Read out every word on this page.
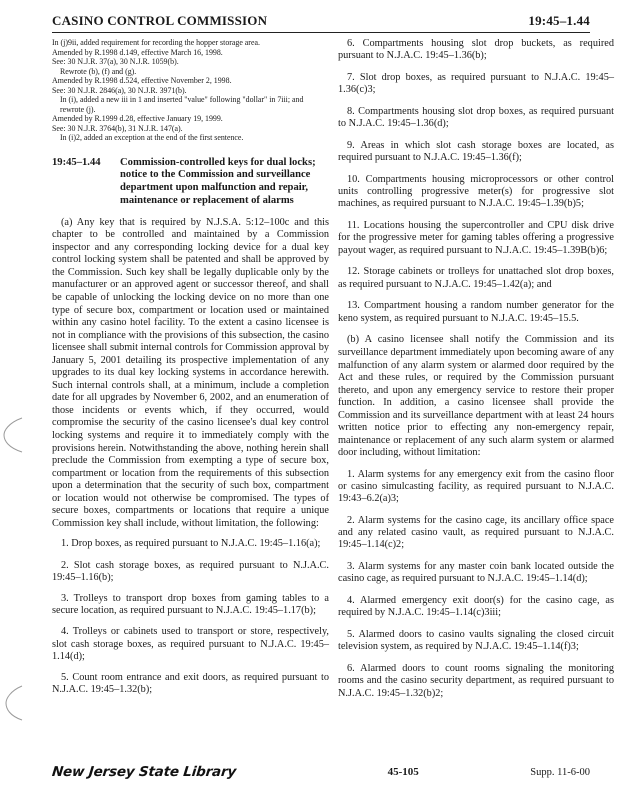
CASINO CONTROL COMMISSION	19:45–1.44
In (j)9ii, added requirement for recording the hopper storage area.
Amended by R.1998 d.149, effective March 16, 1998.
See: 30 N.J.R. 37(a), 30 N.J.R. 1059(b).
Rewrote (b), (f) and (g).
Amended by R.1998 d.524, effective November 2, 1998.
See: 30 N.J.R. 2846(a), 30 N.J.R. 3971(b).
In (i), added a new iii in 1 and inserted "value" following "dollar" in 7iii; and rewrote (j).
Amended by R.1999 d.28, effective January 19, 1999.
See: 30 N.J.R. 3764(b), 31 N.J.R. 147(a).
In (i)2, added an exception at the end of the first sentence.
19:45–1.44	Commission-controlled keys for dual locks; notice to the Commission and surveillance department upon malfunction and repair, maintenance or replacement of alarms

(a) Any key that is required by N.J.S.A. 5:12–100c and this chapter to be controlled and maintained by a Commission inspector and any corresponding locking device for a dual key control locking system shall be patented and shall be approved by the Commission. Such key shall be legally duplicable only by the manufacturer or an approved agent or successor thereof, and shall be capable of unlocking the locking device on no more than one type of secure box, compartment or location used or maintained within any casino hotel facility. To the extent a casino licensee is not in compliance with the provisions of this subsection, the casino licensee shall submit internal controls for Commission approval by January 5, 2001 detailing its prospective implementation of any upgrades to its dual key locking systems in accordance herewith. Such internal controls shall, at a minimum, include a completion date for all upgrades by November 6, 2002, and an enumeration of those incidents or events which, if they occurred, would compromise the security of the casino licensee's dual key control locking systems and require it to immediately comply with the provisions herein. Notwithstanding the above, nothing herein shall preclude the Commission from exempting a type of secure box, compartment or location from the requirements of this subsection upon a determination that the security of such box, compartment or location would not otherwise be compromised. The types of secure boxes, compartments or locations that require a unique Commission key shall include, without limitation, the following:

1. Drop boxes, as required pursuant to N.J.A.C. 19:45–1.16(a);

2. Slot cash storage boxes, as required pursuant to N.J.A.C. 19:45–1.16(b);

3. Trolleys to transport drop boxes from gaming tables to a secure location, as required pursuant to N.J.A.C. 19:45–1.17(b);

4. Trolleys or cabinets used to transport or store, respectively, slot cash storage boxes, as required pursuant to N.J.A.C. 19:45–1.14(d);

5. Count room entrance and exit doors, as required pursuant to N.J.A.C. 19:45–1.32(b);

6. Compartments housing slot drop buckets, as required pursuant to N.J.A.C. 19:45–1.36(b);

7. Slot drop boxes, as required pursuant to N.J.A.C. 19:45–1.36(c)3;

8. Compartments housing slot drop boxes, as required pursuant to N.J.A.C. 19:45–1.36(d);

9. Areas in which slot cash storage boxes are located, as required pursuant to N.J.A.C. 19:45–1.36(f);

10. Compartments housing microprocessors or other control units controlling progressive meter(s) for progressive slot machines, as required pursuant to N.J.A.C. 19:45–1.39(b)5;

11. Locations housing the supercontroller and CPU disk drive for the progressive meter for gaming tables offering a progressive payout wager, as required pursuant to N.J.A.C. 19:45–1.39B(b)6;

12. Storage cabinets or trolleys for unattached slot drop boxes, as required pursuant to N.J.A.C. 19:45–1.42(a); and

13. Compartment housing a random number generator for the keno system, as required pursuant to N.J.A.C. 19:45–15.5.

(b) A casino licensee shall notify the Commission and its surveillance department immediately upon becoming aware of any malfunction of any alarm system or alarmed door required by the Act and these rules, or required by the Commission pursuant thereto, and upon any emergency service to restore their proper function. In addition, a casino licensee shall provide the Commission and its surveillance department with at least 24 hours written notice prior to effecting any non-emergency repair, maintenance or replacement of any such alarm system or alarmed door including, without limitation:

1. Alarm systems for any emergency exit from the casino floor or casino simulcasting facility, as required pursuant to N.J.A.C. 19:43–6.2(a)3;

2. Alarm systems for the casino cage, its ancillary office space and any related casino vault, as required pursuant to N.J.A.C. 19:45–1.14(c)2;

3. Alarm systems for any master coin bank located outside the casino cage, as required pursuant to N.J.A.C. 19:45–1.14(d);

4. Alarmed emergency exit door(s) for the casino cage, as required by N.J.A.C. 19:45–1.14(c)3iii;

5. Alarmed doors to casino vaults signaling the closed circuit television system, as required by N.J.A.C. 19:45–1.14(f)3;

6. Alarmed doors to count rooms signaling the monitoring rooms and the casino security department, as required pursuant to N.J.A.C. 19:45–1.32(b)2;

New Jersey State Library	45-105	Supp. 11-6-00
